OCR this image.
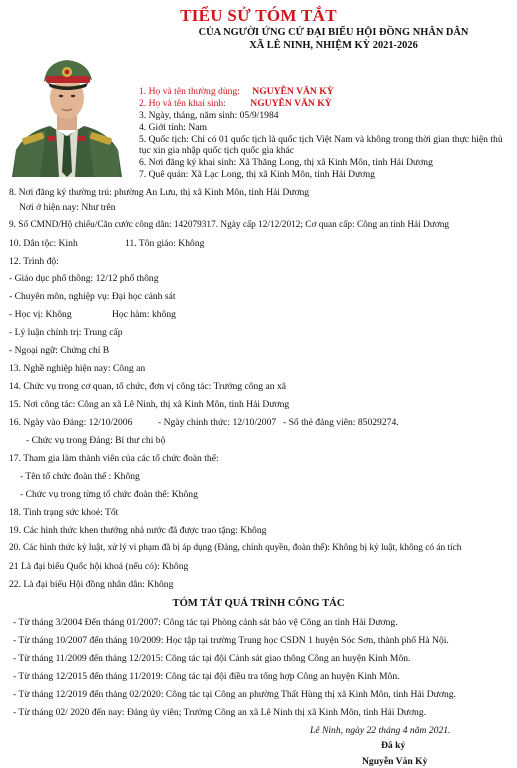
TIỂU SỬ TÓM TẮT
CỦA NGƯỜI ỨNG CỬ ĐẠI BIỂU HỘI ĐỒNG NHÂN DÂN
XÃ LÊ NINH, NHIỆM KỲ 2021-2026
1. Họ và tên thường dùng: NGUYỄN VĂN KỲ
2. Họ và tên khai sinh:	NGUYỄN VĂN KỲ
3. Ngày, tháng, năm sinh: 05/9/1984
4. Giới tính: Nam
5. Quốc tịch: Chỉ có 01 quốc tịch là quốc tịch Việt Nam và không trong thời gian thực hiện thủ
tục xin gia nhập quốc tịch quốc gia khác
6. Nơi đăng ký khai sinh: Xã Thăng Long, thị xã Kinh Môn, tỉnh Hải Dương
7. Quê quán: Xã Lạc Long, thị xã Kinh Môn, tỉnh Hải Dương
8. Nơi đăng ký thường trú: phường An Lưu, thị xã Kinh Môn, tỉnh Hải Dương
Nơi ở hiện nay: Như trên
9. Số CMND/Hộ chiếu/Căn cước công dân: 142079317. Ngày cấp 12/12/2012; Cơ quan cấp: Công an tỉnh Hải Dương
10. Dân tộc: Kinh	11. Tôn giáo: Không
12. Trình độ:
- Giáo dục phổ thông: 12/12 phổ thông
- Chuyên môn, nghiệp vụ: Đại học cảnh sát
- Học vị: Không	Học hàm: không
- Lý luận chính trị: Trung cấp
- Ngoại ngữ: Chứng chỉ B
13. Nghề nghiệp hiện nay: Công an
14. Chức vụ trong cơ quan, tổ chức, đơn vị công tác: Trưởng công an xã
15. Nơi công tác: Công an xã Lê Ninh, thị xã Kinh Môn, tỉnh Hải Dương
16. Ngày vào Đảng: 12/10/2006	- Ngày chính thức: 12/10/2007 - Số thẻ đảng viên: 85029274.
- Chức vụ trong Đảng: Bí thư chi bộ
17. Tham gia làm thành viên của các tổ chức đoàn thể:
- Tên tổ chức đoàn thể : Không
- Chức vụ trong từng tổ chức đoàn thể: Không
18. Tình trạng sức khoẻ: Tốt
19. Các hình thức khen thưởng nhà nước đã được trao tặng: Không
20. Các hình thức kỷ luật, xử lý vi phạm đã bị áp dụng (Đảng, chính quyền, đoàn thể): Không bị kỷ luật, không có án tích
21 Là đại biểu Quốc hội khoá (nếu có): Không
22. Là đại biểu Hội đồng nhân dân: Không
TÓM TẮT QUÁ TRÌNH CÔNG TÁC
- Từ tháng 3/2004 Đến tháng 01/2007: Công tác tại Phòng cảnh sát bảo vệ Công an tỉnh Hải Dương.
- Từ tháng 10/2007 đến tháng 10/2009: Học tập tại trường Trung học CSDN 1 huyện Sóc Sơn, thành phố Hà Nội.
- Từ tháng 11/2009 đến tháng 12/2015: Công tác tại đội Cảnh sát giao thông Công an huyện Kinh Môn.
- Từ tháng 12/2015 đến tháng 11/2019: Công tác tại đội điều tra tổng hợp Công an huyện Kinh Môn.
- Từ tháng 12/2019 đến tháng 02/2020: Công tác tại Công an phường Thất Hùng thị xã Kinh Môn, tỉnh Hải Dương.
- Từ tháng 02/ 2020 đến nay: Đảng ủy viên; Trưởng Công an xã Lê Ninh thị xã Kinh Môn, tỉnh Hải Dương.
Lê Ninh, ngày 22 tháng 4 năm 2021.
Đã ký
Nguyễn Văn Kỳ
